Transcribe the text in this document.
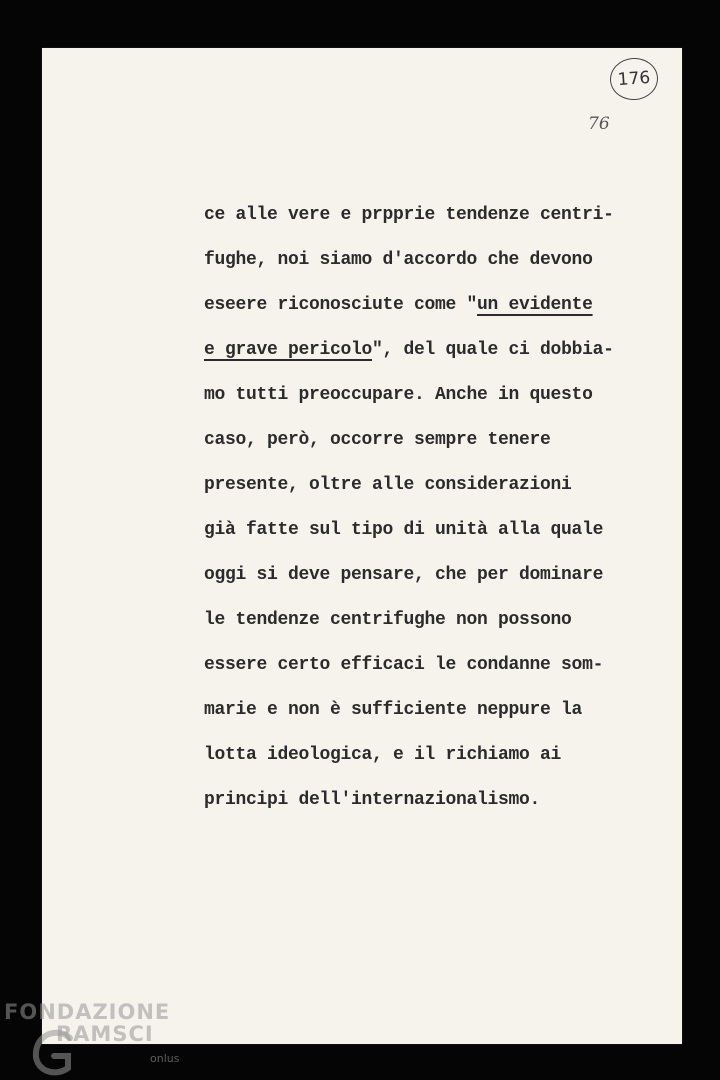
176
76
ce alle vere e prpprie tendenze centri-
fughe, noi siamo d'accordo che devono
eseere riconosciute come "un evidente
e grave pericolo", del quale ci dobbia-
mo tutti preoccupare. Anche in questo
caso, però, occorre sempre tenere
presente, oltre alle considerazioni
già fatte sul tipo di unità alla quale
oggi si deve pensare, che per dominare
le tendenze centrifughe non possono
essere certo efficaci le condanne som-
marie e non è sufficiente neppure la
lotta ideologica, e il richiamo ai
principi dell'internazionalismo.
FONDAZIONE
RAMSCI
onlus
